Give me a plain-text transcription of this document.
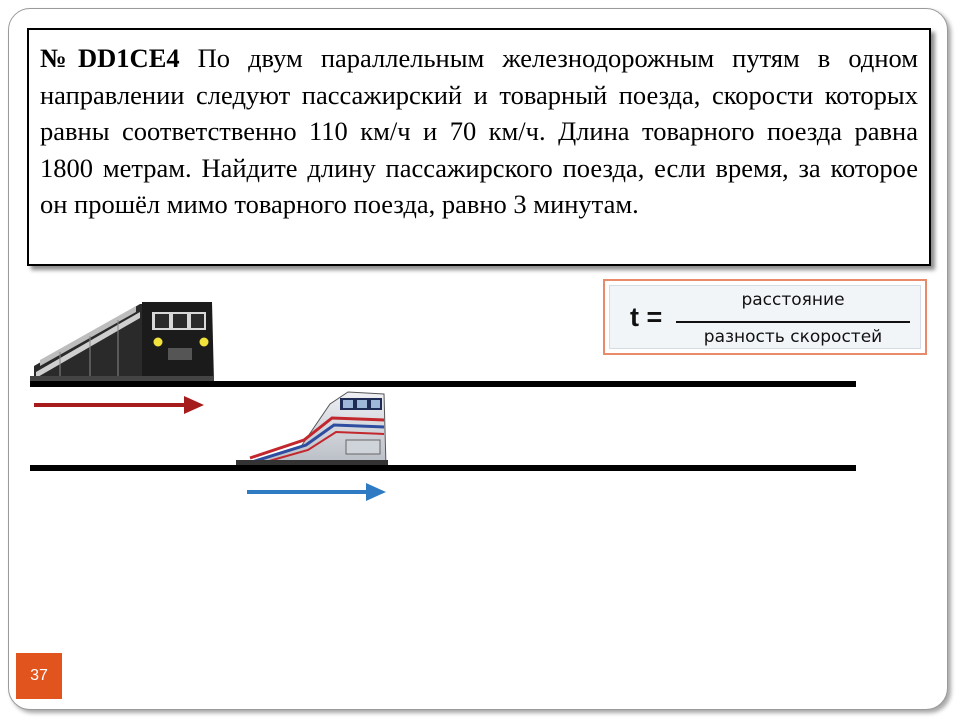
№DD1CE4 По двум параллельным железнодорожным путям в одном направлении следуют пассажирский и товарный поезда, скорости которых равны соответственно 110 км/ч и 70 км/ч. Длина товарного поезда равна 1800 метрам. Найдите длину пассажирского поезда, если время, за которое он прошёл мимо товарного поезда, равно 3 минутам.

t =
расстояние
разность скоростей
37
